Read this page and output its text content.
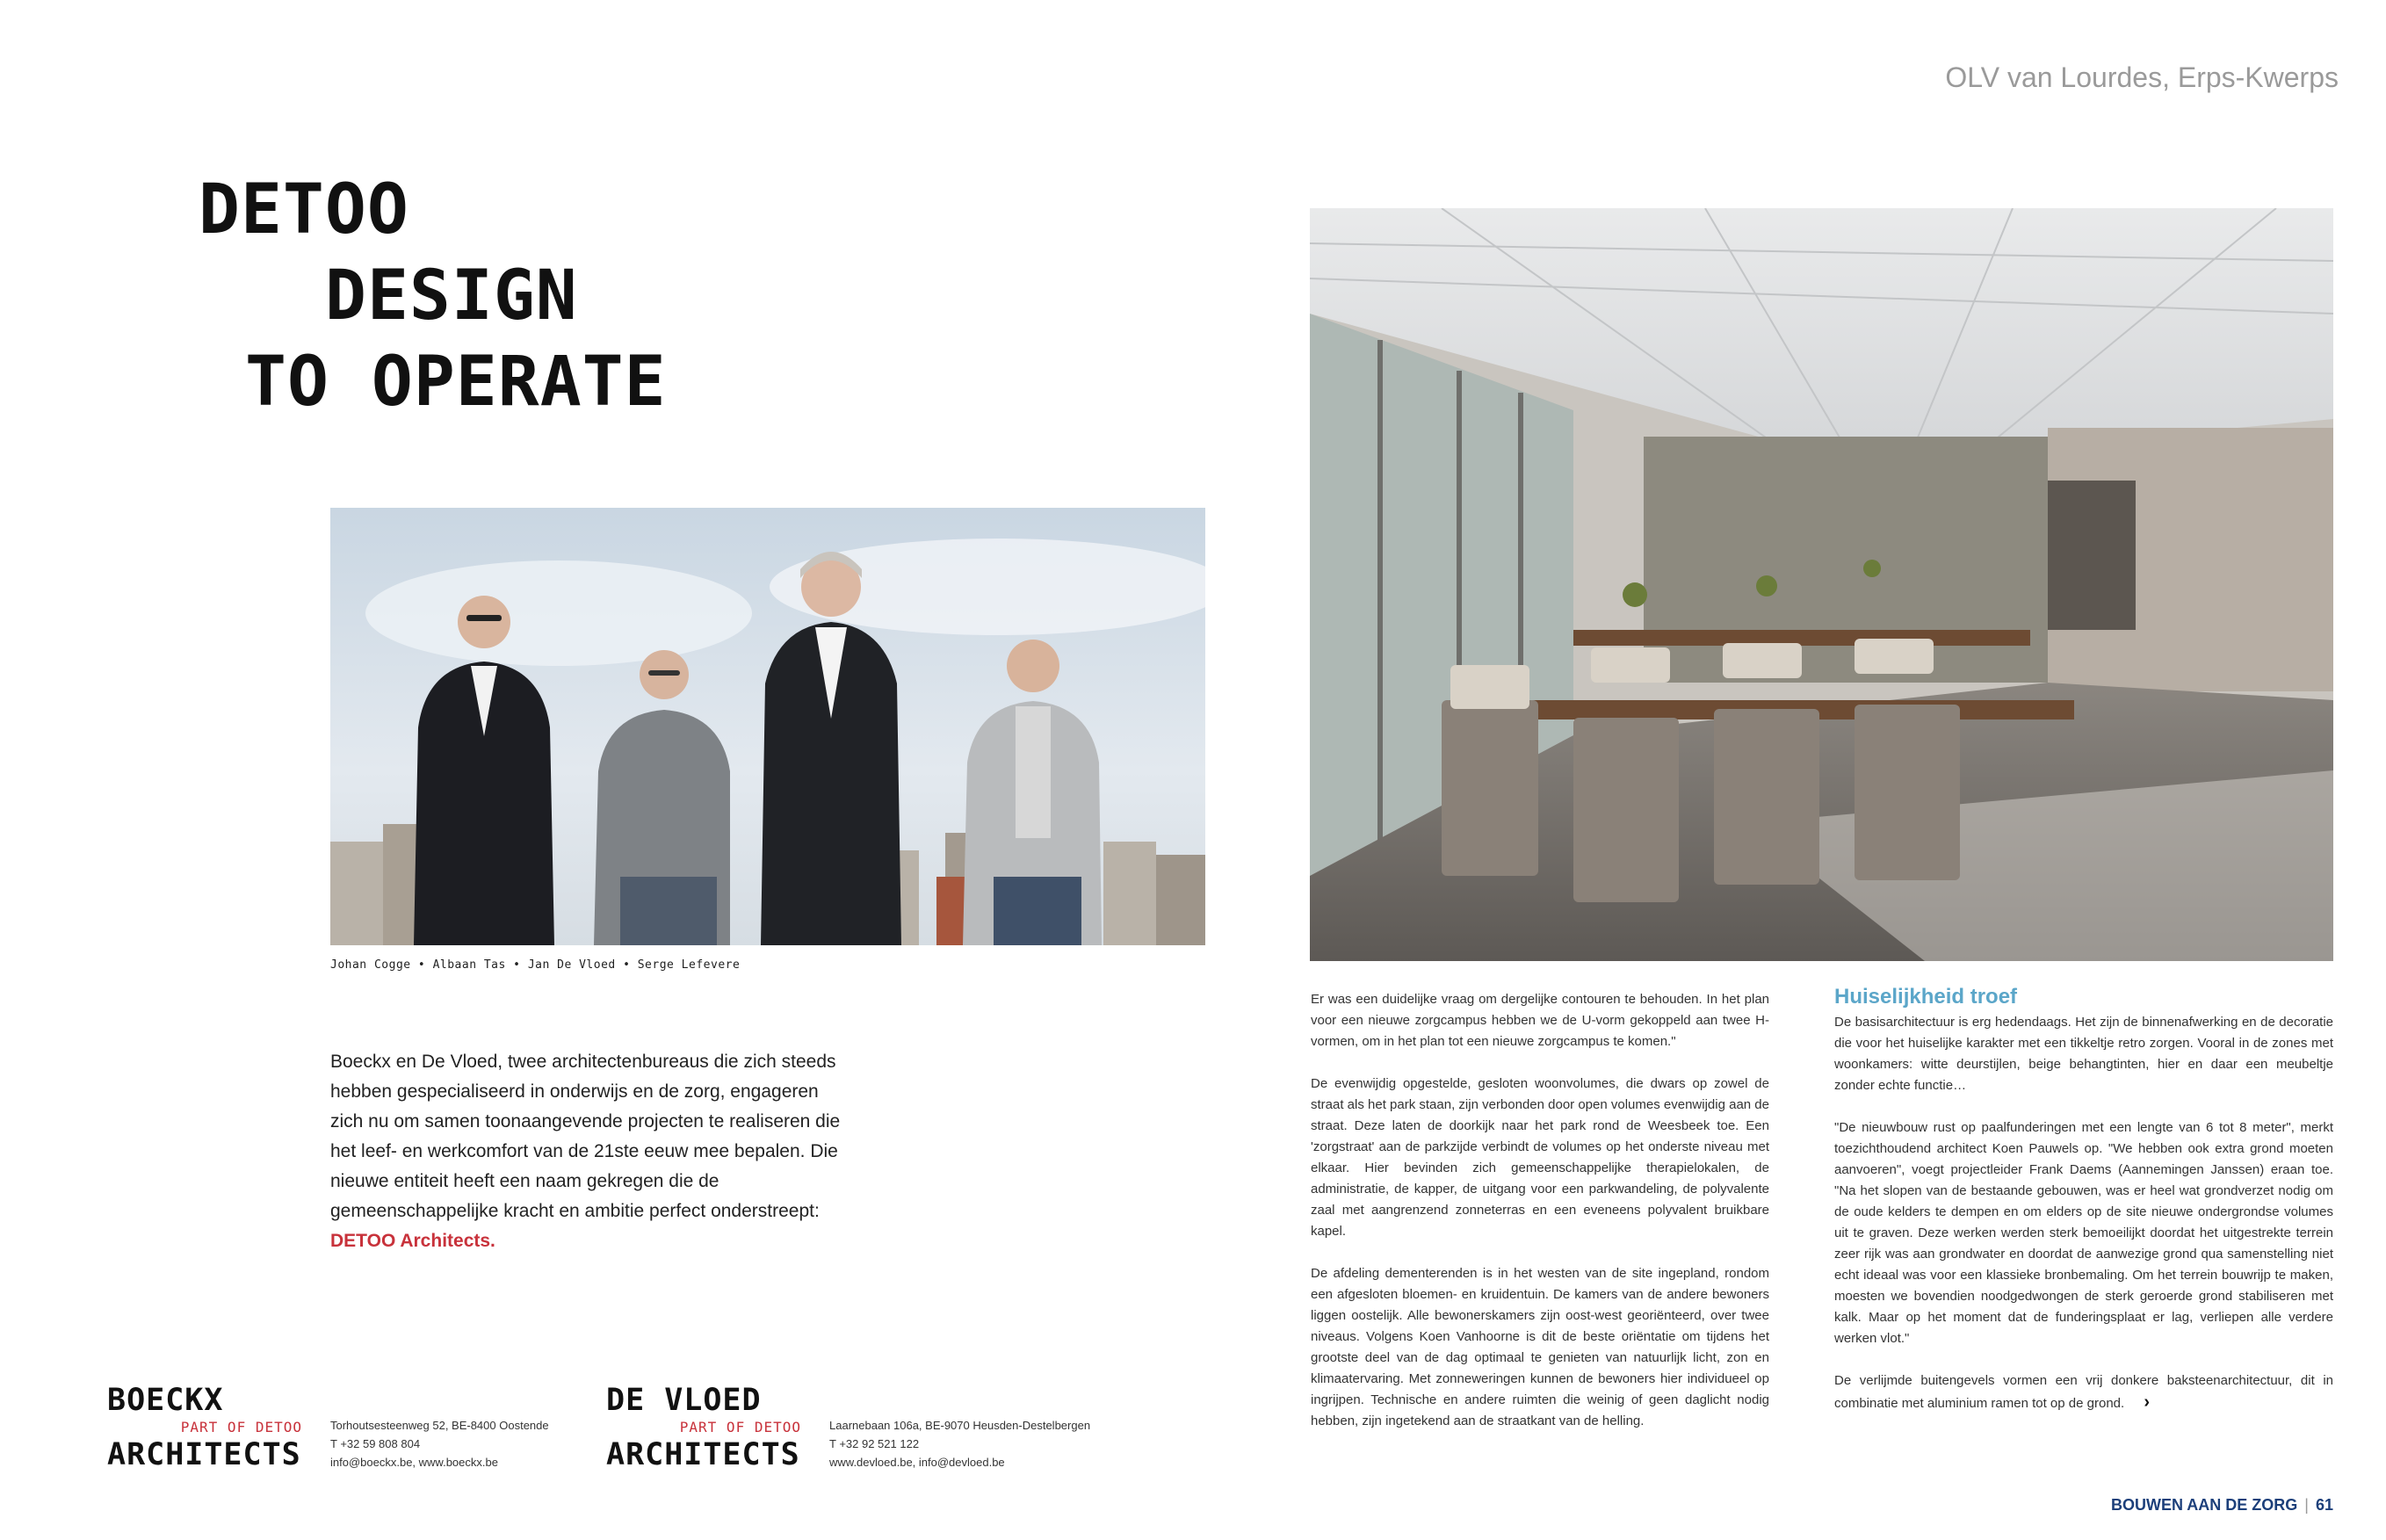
OLV van Lourdes, Erps-Kwerps
DETOO
DESIGN
TO OPERATE
Johan Cogge • Albaan Tas • Jan De Vloed • Serge Lefevere
Boeckx en De Vloed, twee architectenbureaus die zich steeds hebben gespecialiseerd in onderwijs en de zorg, engageren zich nu om samen toonaangevende projecten te realiseren die het leef- en werkcomfort van de 21ste eeuw mee bepalen. Die nieuwe entiteit heeft een naam gekregen die de gemeenschappelijke kracht en ambitie perfect onderstreept: DETOO Architects.
BOECKX
PART OF DETOO
ARCHITECTS
Torhoutsesteenweg 52, BE-8400 Oostende
T +32 59 808 804
info@boeckx.be, www.boeckx.be
DE VLOED
PART OF DETOO
ARCHITECTS
Laarnebaan 106a, BE-9070 Heusden-Destelbergen
T +32 92 521 122
www.devloed.be, info@devloed.be

Er was een duidelijke vraag om dergelijke contouren te behouden. In het plan voor een nieuwe zorgcampus hebben we de U-vorm gekoppeld aan twee H-vormen, om in het plan tot een nieuwe zorgcampus te komen."

De evenwijdig opgestelde, gesloten woonvolumes, die dwars op zowel de straat als het park staan, zijn verbonden door open volumes evenwijdig aan de straat. Deze laten de doorkijk naar het park rond de Weesbeek toe. Een 'zorgstraat' aan de parkzijde verbindt de volumes op het onderste niveau met elkaar. Hier bevinden zich gemeenschappelijke therapielokalen, de administratie, de kapper, de uitgang voor een parkwandeling, de polyvalente zaal met aangrenzend zonneterras en een eveneens polyvalent bruikbare kapel.

De afdeling dementerenden is in het westen van de site ingepland, rondom een afgesloten bloemen- en kruidentuin. De kamers van de andere bewoners liggen oostelijk. Alle bewonerskamers zijn oost-west georiënteerd, over twee niveaus. Volgens Koen Vanhoorne is dit de beste oriëntatie om tijdens het grootste deel van de dag optimaal te genieten van natuurlijk licht, zon en klimaatervaring. Met zonneweringen kunnen de bewoners hier individueel op ingrijpen. Technische en andere ruimten die weinig of geen daglicht nodig hebben, zijn ingetekend aan de straatkant van de helling.

Huiselijkheid troef

De basisarchitectuur is erg hedendaags. Het zijn de binnenafwerking en de decoratie die voor het huiselijke karakter met een tikkeltje retro zorgen. Vooral in de zones met woonkamers: witte deurstijlen, beige behangtinten, hier en daar een meubeltje zonder echte functie…

"De nieuwbouw rust op paalfunderingen met een lengte van 6 tot 8 meter", merkt toezichthoudend architect Koen Pauwels op. "We hebben ook extra grond moeten aanvoeren", voegt projectleider Frank Daems (Aannemingen Janssen) eraan toe. "Na het slopen van de bestaande gebouwen, was er heel wat grondverzet nodig om de oude kelders te dempen en om elders op de site nieuwe ondergrondse volumes uit te graven. Deze werken werden sterk bemoeilijkt doordat het uitgestrekte terrein zeer rijk was aan grondwater en doordat de aanwezige grond qua samenstelling niet echt ideaal was voor een klassieke bronbemaling. Om het terrein bouwrijp te maken, moesten we bovendien noodgedwongen de sterk geroerde grond stabiliseren met kalk. Maar op het moment dat de funderingsplaat er lag, verliepen alle verdere werken vlot."

De verlijmde buitengevels vormen een vrij donkere baksteenarchitectuur, dit in combinatie met aluminium ramen tot op de grond. ›

BOUWEN AAN DE ZORG | 61
